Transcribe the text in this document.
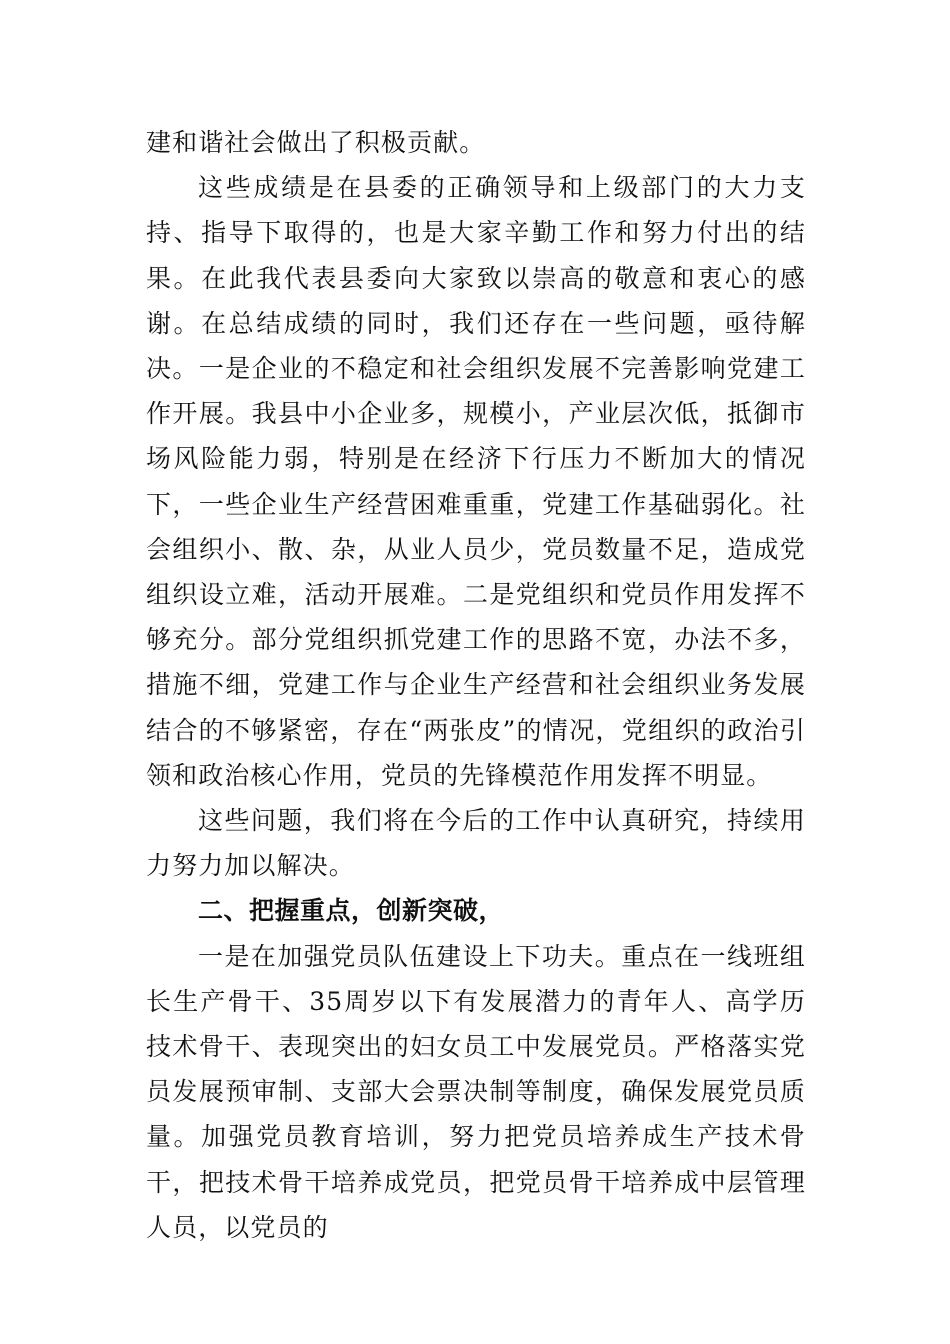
建和谐社会做出了积极贡献。

这些成绩是在县委的正确领导和上级部门的大力支持、指导下取得的，也是大家辛勤工作和努力付出的结果。在此我代表县委向大家致以崇高的敬意和衷心的感谢。在总结成绩的同时，我们还存在一些问题，亟待解决。一是企业的不稳定和社会组织发展不完善影响党建工作开展。我县中小企业多，规模小，产业层次低，抵御市场风险能力弱，特别是在经济下行压力不断加大的情况下，一些企业生产经营困难重重，党建工作基础弱化。社会组织小、散、杂，从业人员少，党员数量不足，造成党组织设立难，活动开展难。二是党组织和党员作用发挥不够充分。部分党组织抓党建工作的思路不宽，办法不多，措施不细，党建工作与企业生产经营和社会组织业务发展结合的不够紧密，存在“两张皮”的情况，党组织的政治引领和政治核心作用，党员的先锋模范作用发挥不明显。

这些问题，我们将在今后的工作中认真研究，持续用力努力加以解决。

二、把握重点，创新突破，

一是在加强党员队伍建设上下功夫。重点在一线班组长生产骨干、35周岁以下有发展潜力的青年人、高学历技术骨干、表现突出的妇女员工中发展党员。严格落实党员发展预审制、支部大会票决制等制度，确保发展党员质量。加强党员教育培训，努力把党员培养成生产技术骨干，把技术骨干培养成党员，把党员骨干培养成中层管理人员，以党员的
